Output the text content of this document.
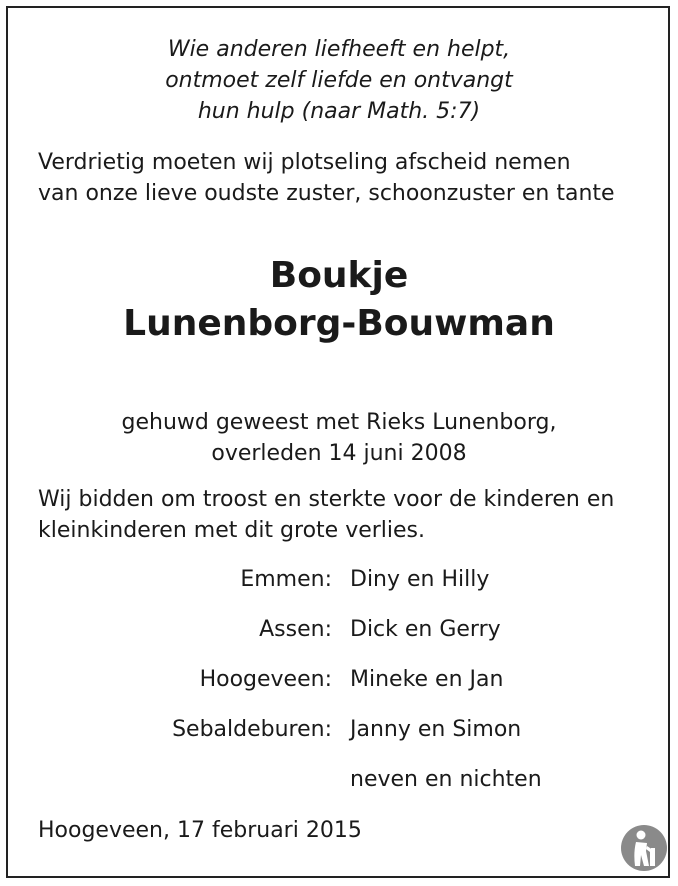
Wie anderen liefheeft en helpt,
ontmoet zelf liefde en ontvangt
hun hulp (naar Math. 5:7)
Verdrietig moeten wij plotseling afscheid nemen
van onze lieve oudste zuster, schoonzuster en tante
Boukje
Lunenborg-Bouwman
gehuwd geweest met Rieks Lunenborg,
overleden 14 juni 2008
Wij bidden om troost en sterkte voor de kinderen en
kleinkinderen met dit grote verlies.
Emmen: Diny en Hilly
Assen: Dick en Gerry
Hoogeveen: Mineke en Jan
Sebaldeburen: Janny en Simon
neven en nichten
Hoogeveen, 17 februari 2015
